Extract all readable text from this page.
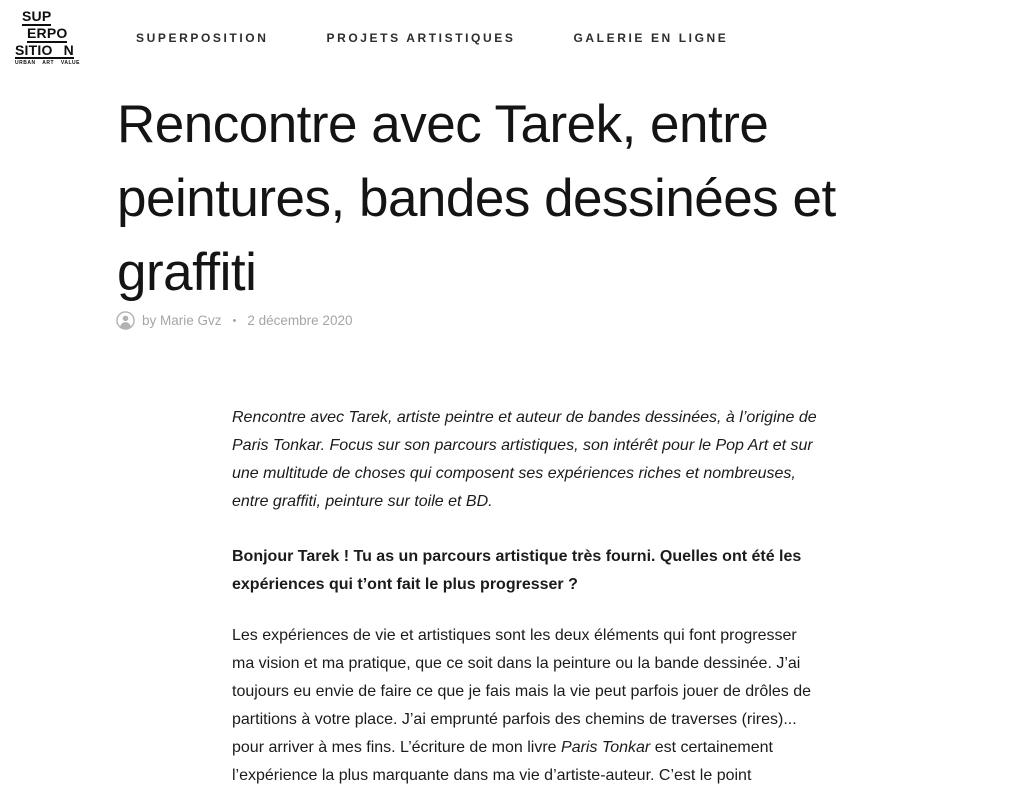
SUP
ERPO
SITIO N
URBAN ART VALUE
SUPERPOSITION	PROJETS ARTISTIQUES	GALERIE EN LIGNE
Rencontre avec Tarek, entre
peintures, bandes dessinées et
graffiti
by Marie Gvz • 2 décembre 2020

Rencontre avec Tarek, artiste peintre et auteur de bandes dessinées, à l’origine de
Paris Tonkar. Focus sur son parcours artistiques, son intérêt pour le Pop Art et sur
une multitude de choses qui composent ses expériences riches et nombreuses,
entre graffiti, peinture sur toile et BD.

Bonjour Tarek ! Tu as un parcours artistique très fourni. Quelles ont été les
expériences qui t’ont fait le plus progresser ?

Les expériences de vie et artistiques sont les deux éléments qui font progresser
ma vision et ma pratique, que ce soit dans la peinture ou la bande dessinée. J’ai
toujours eu envie de faire ce que je fais mais la vie peut parfois jouer de drôles de
partitions à votre place. J’ai emprunté parfois des chemins de traverses (rires)...
pour arriver à mes fins. L’écriture de mon livre Paris Tonkar est certainement
l’expérience la plus marquante dans ma vie d’artiste-auteur. C’est le point
